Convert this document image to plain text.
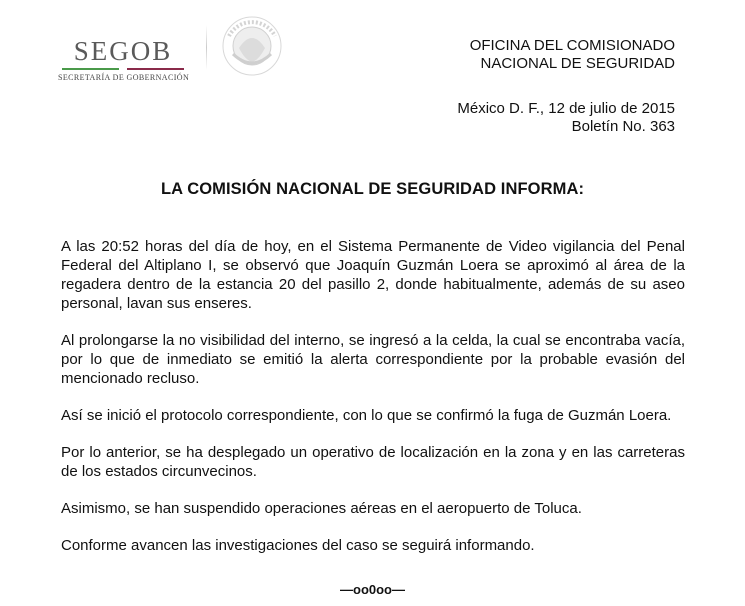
SEGOB
SECRETARÍA DE GOBERNACIÓN
OFICINA DEL COMISIONADO
NACIONAL DE SEGURIDAD
México D. F., 12 de julio de 2015
Boletín No. 363
LA COMISIÓN NACIONAL DE SEGURIDAD INFORMA:

A las 20:52 horas del día de hoy, en el Sistema Permanente de Video vigilancia del Penal Federal del Altiplano I, se observó que Joaquín Guzmán Loera se aproximó al área de la regadera dentro de la estancia 20 del pasillo 2, donde habitualmente, además de su aseo personal, lavan sus enseres.

Al prolongarse la no visibilidad del interno, se ingresó a la celda, la cual se encontraba vacía, por lo que de inmediato se emitió la alerta correspondiente por la probable evasión del mencionado recluso.

Así se inició el protocolo correspondiente, con lo que se confirmó la fuga de Guzmán Loera.

Por lo anterior, se ha desplegado un operativo de localización en la zona y en las carreteras de los estados circunvecinos.

Asimismo, se han suspendido operaciones aéreas en el aeropuerto de Toluca.

Conforme avancen las investigaciones del caso se seguirá informando.

—oo0oo—
